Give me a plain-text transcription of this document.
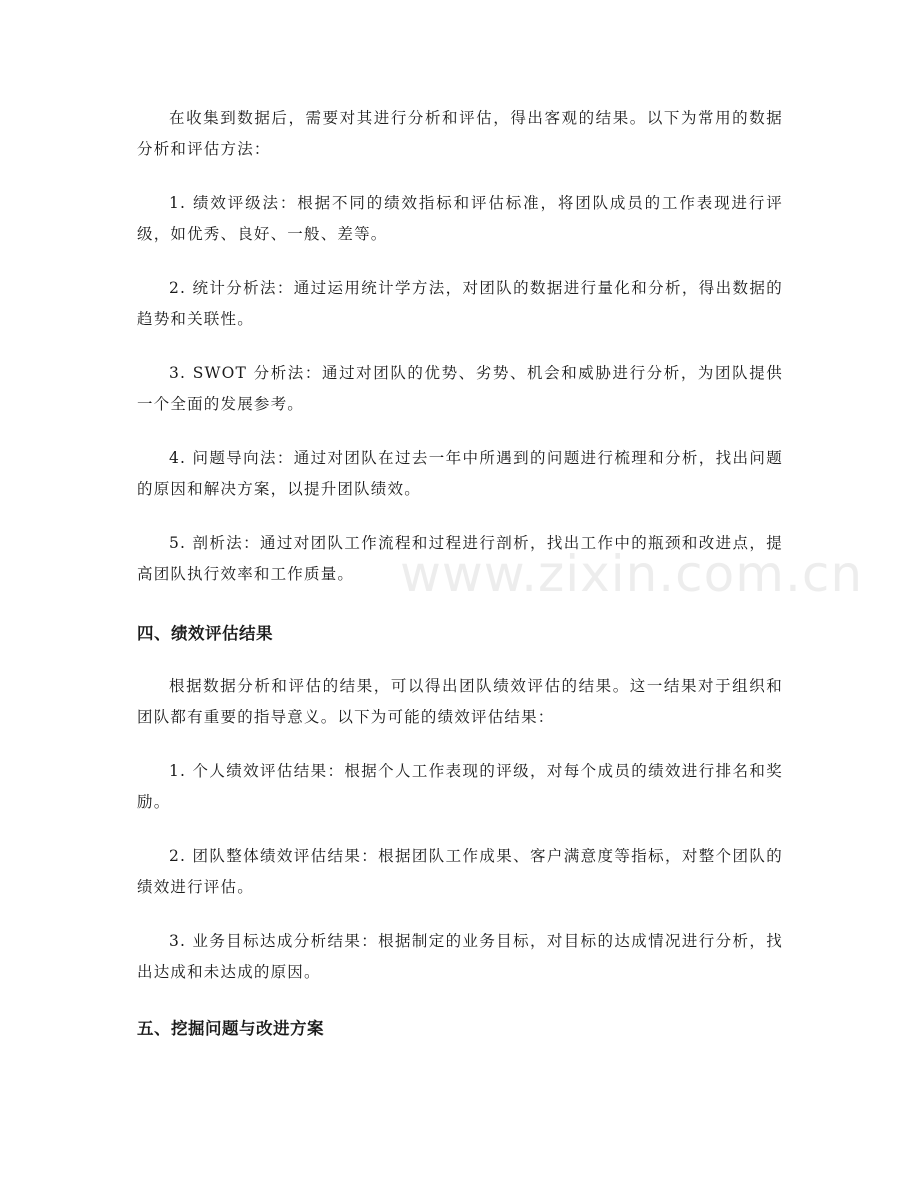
在收集到数据后，需要对其进行分析和评估，得出客观的结果。以下为常用的数据分析和评估方法：

1. 绩效评级法：根据不同的绩效指标和评估标准，将团队成员的工作表现进行评级，如优秀、良好、一般、差等。

2. 统计分析法：通过运用统计学方法，对团队的数据进行量化和分析，得出数据的趋势和关联性。

3. SWOT 分析法：通过对团队的优势、劣势、机会和威胁进行分析，为团队提供一个全面的发展参考。

4. 问题导向法：通过对团队在过去一年中所遇到的问题进行梳理和分析，找出问题的原因和解决方案，以提升团队绩效。

5. 剖析法：通过对团队工作流程和过程进行剖析，找出工作中的瓶颈和改进点，提高团队执行效率和工作质量。

四、绩效评估结果

根据数据分析和评估的结果，可以得出团队绩效评估的结果。这一结果对于组织和团队都有重要的指导意义。以下为可能的绩效评估结果：

1. 个人绩效评估结果：根据个人工作表现的评级，对每个成员的绩效进行排名和奖励。

2. 团队整体绩效评估结果：根据团队工作成果、客户满意度等指标，对整个团队的绩效进行评估。

3. 业务目标达成分析结果：根据制定的业务目标，对目标的达成情况进行分析，找出达成和未达成的原因。

五、挖掘问题与改进方案
www.zixin.com.cn
